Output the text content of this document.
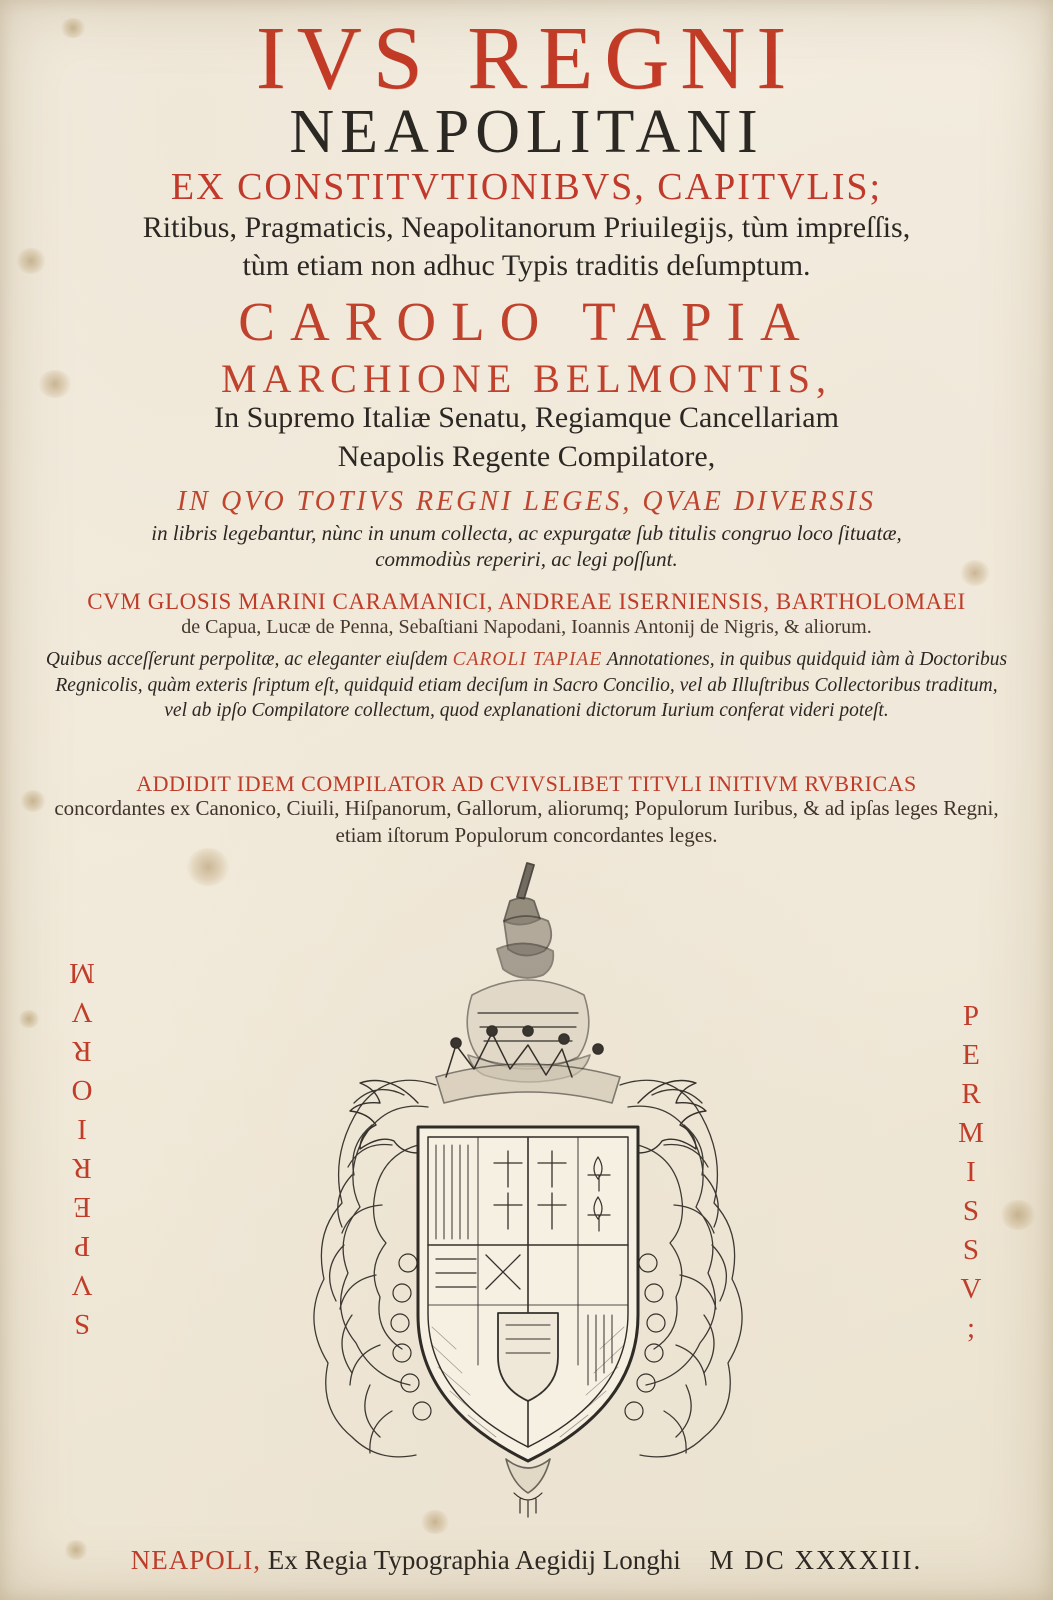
IVS REGNI
NEAPOLITANI
EX CONSTITVTIONIBVS, CAPITVLIS;
Ritibus, Pragmaticis, Neapolitanorum Priuilegijs, tùm impreſſis,
tùm etiam non adhuc Typis traditis deſumptum.
CAROLO TAPIA
MARCHIONE BELMONTIS,
In Supremo Italiæ Senatu, Regiamque Cancellariam
Neapolis Regente Compilatore,
IN QVO TOTIVS REGNI LEGES, QVAE DIVERSIS
in libris legebantur, nùnc in unum collecta, ac expurgatæ ſub titulis congruo loco ſituatæ, commodiùs reperiri, ac legi poſſunt.
CVM GLOSIS MARINI CARAMANICI, ANDREAE ISERNIENSIS, BARTHOLOMAEI
de Capua, Lucæ de Penna, Sebaſtiani Napodani, Ioannis Antonij de Nigris, & aliorum.
Quibus acceſſerunt perpolitæ, ac eleganter eiuſdem CAROLI TAPIAE Annotationes, in quibus quidquid iàm à Doctoribus Regnicolis, quàm exteris ſriptum eſt, quidquid etiam deciſum in Sacro Concilio, vel ab Illuſtribus Collectoribus traditum, vel ab ipſo Compilatore collectum, quod explanationi dictorum Iurium conferat videri poteſt.
ADDIDIT IDEM COMPILATOR AD CVIVSLIBET TITVLI INITIVM RVBRICAS
concordantes ex Canonico, Ciuili, Hiſpanorum, Gallorum, aliorumq; Populorum Iuribus, & ad ipſas leges Regni, etiam iſtorum Populorum concordantes leges.
SVPERIORVM	PERMISSV;
NEAPOLI, Ex Regia Typographia Aegidij Longhi M DC XXXXIII.
